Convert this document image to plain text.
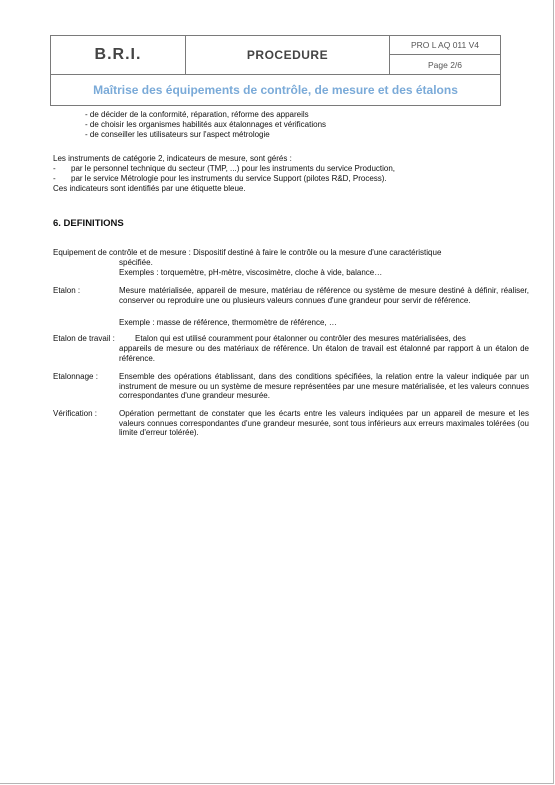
B.R.I.	PROCEDURE
PRO L AQ 011 V4
Page 2/6
Maîtrise des équipements de contrôle, de mesure et des étalons
- de décider de la conformité, réparation, réforme des appareils
- de choisir les organismes habilités aux étalonnages et vérifications
- de conseiller les utilisateurs sur l'aspect métrologie
Les instruments de catégorie 2, indicateurs de mesure, sont gérés :
- par le personnel technique du secteur (TMP, ...) pour les instruments du service Production,
- par le service Métrologie pour les instruments du service Support (pilotes R&D, Process).
Ces indicateurs sont identifiés par une étiquette bleue.
6. DEFINITIONS
Equipement de contrôle et de mesure : Dispositif destiné à faire le contrôle ou la mesure d'une caractéristique
spécifiée.
Exemples : torquemètre, pH-mètre, viscosimètre, cloche à vide, balance…
Etalon :	Mesure matérialisée, appareil de mesure, matériau de référence ou système de mesure destiné à définir, réaliser, conserver ou reproduire une ou plusieurs valeurs connues d'une grandeur pour servir de référence.
Exemple : masse de référence, thermomètre de référence, …
Etalon de travail :	Etalon qui est utilisé couramment pour étalonner ou contrôler des mesures matérialisées, des
appareils de mesure ou des matériaux de référence. Un étalon de travail est étalonné par rapport à un étalon de référence.
Etalonnage :	Ensemble des opérations établissant, dans des conditions spécifiées, la relation entre la valeur indiquée par un instrument de mesure ou un système de mesure représentées par une mesure matérialisée, et les valeurs connues correspondantes d'une grandeur mesurée.
Vérification :	Opération permettant de constater que les écarts entre les valeurs indiquées par un appareil de mesure et les valeurs connues correspondantes d'une grandeur mesurée, sont tous inférieurs aux erreurs maximales tolérées (ou limite d'erreur tolérée).
